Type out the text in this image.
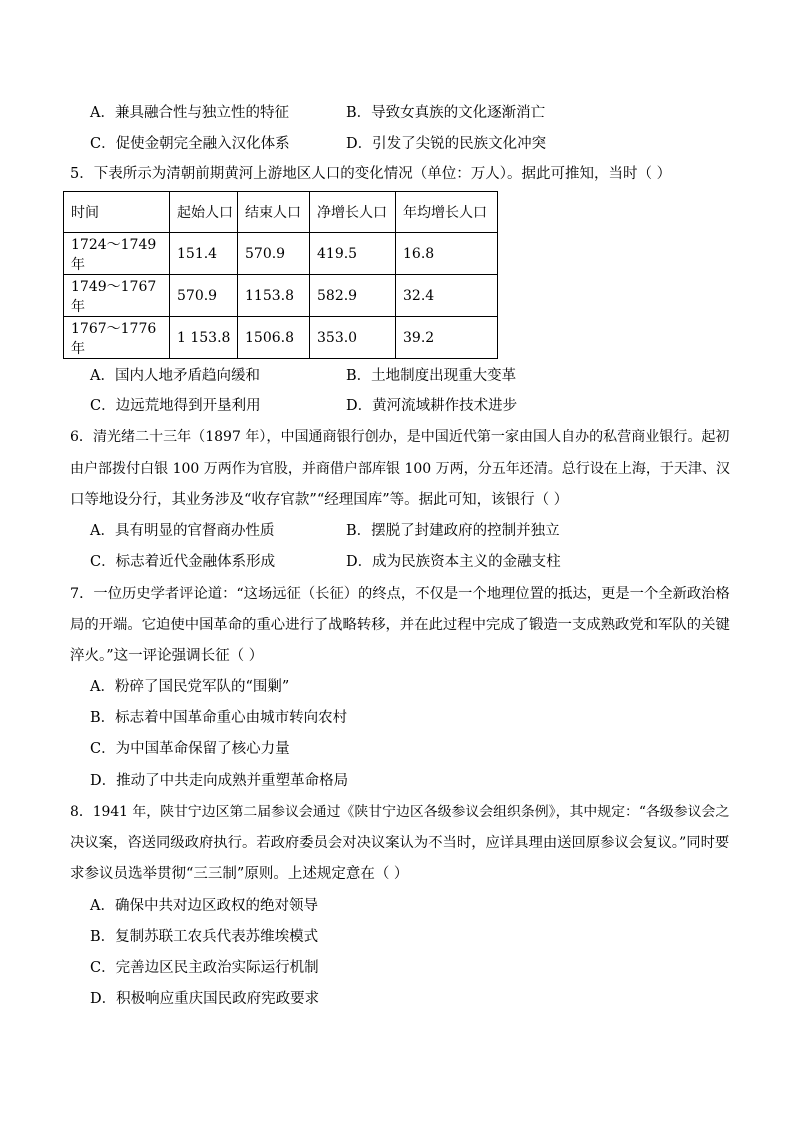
A．兼具融合性与独立性的特征	B．导致女真族的文化逐渐消亡
C．促使金朝完全融入汉化体系	D．引发了尖锐的民族文化冲突
5．下表所示为清朝前期黄河上游地区人口的变化情况（单位：万人）。据此可推知，当时（ ）
时间	起始人口	结束人口	净增长人口	年均增长人口
1724～1749 年	151.4	570.9	419.5	16.8
1749～1767 年	570.9	1153.8	582.9	32.4
1767～1776 年	1 153.8	1506.8	353.0	39.2
A．国内人地矛盾趋向缓和	B．土地制度出现重大变革
C．边远荒地得到开垦利用	D．黄河流域耕作技术进步
6．清光绪二十三年（1897 年），中国通商银行创办，是中国近代第一家由国人自办的私营商业银行。起初
由户部拨付白银 100 万两作为官股，并商借户部库银 100 万两，分五年还清。总行设在上海，于天津、汉
口等地设分行，其业务涉及“收存官款”“经理国库”等。据此可知，该银行（ ）
A．具有明显的官督商办性质	B．摆脱了封建政府的控制并独立
C．标志着近代金融体系形成	D．成为民族资本主义的金融支柱
7．一位历史学者评论道：“这场远征（长征）的终点，不仅是一个地理位置的抵达，更是一个全新政治格
局的开端。它迫使中国革命的重心进行了战略转移，并在此过程中完成了锻造一支成熟政党和军队的关键
淬火。”这一评论强调长征（ ）
A．粉碎了国民党军队的“围剿”
B．标志着中国革命重心由城市转向农村
C．为中国革命保留了核心力量
D．推动了中共走向成熟并重塑革命格局
8．1941 年，陕甘宁边区第二届参议会通过《陕甘宁边区各级参议会组织条例》，其中规定：“各级参议会之
决议案，咨送同级政府执行。若政府委员会对决议案认为不当时，应详具理由送回原参议会复议。”同时要
求参议员选举贯彻“三三制”原则。上述规定意在（ ）
A．确保中共对边区政权的绝对领导
B．复制苏联工农兵代表苏维埃模式
C．完善边区民主政治实际运行机制
D．积极响应重庆国民政府宪政要求
